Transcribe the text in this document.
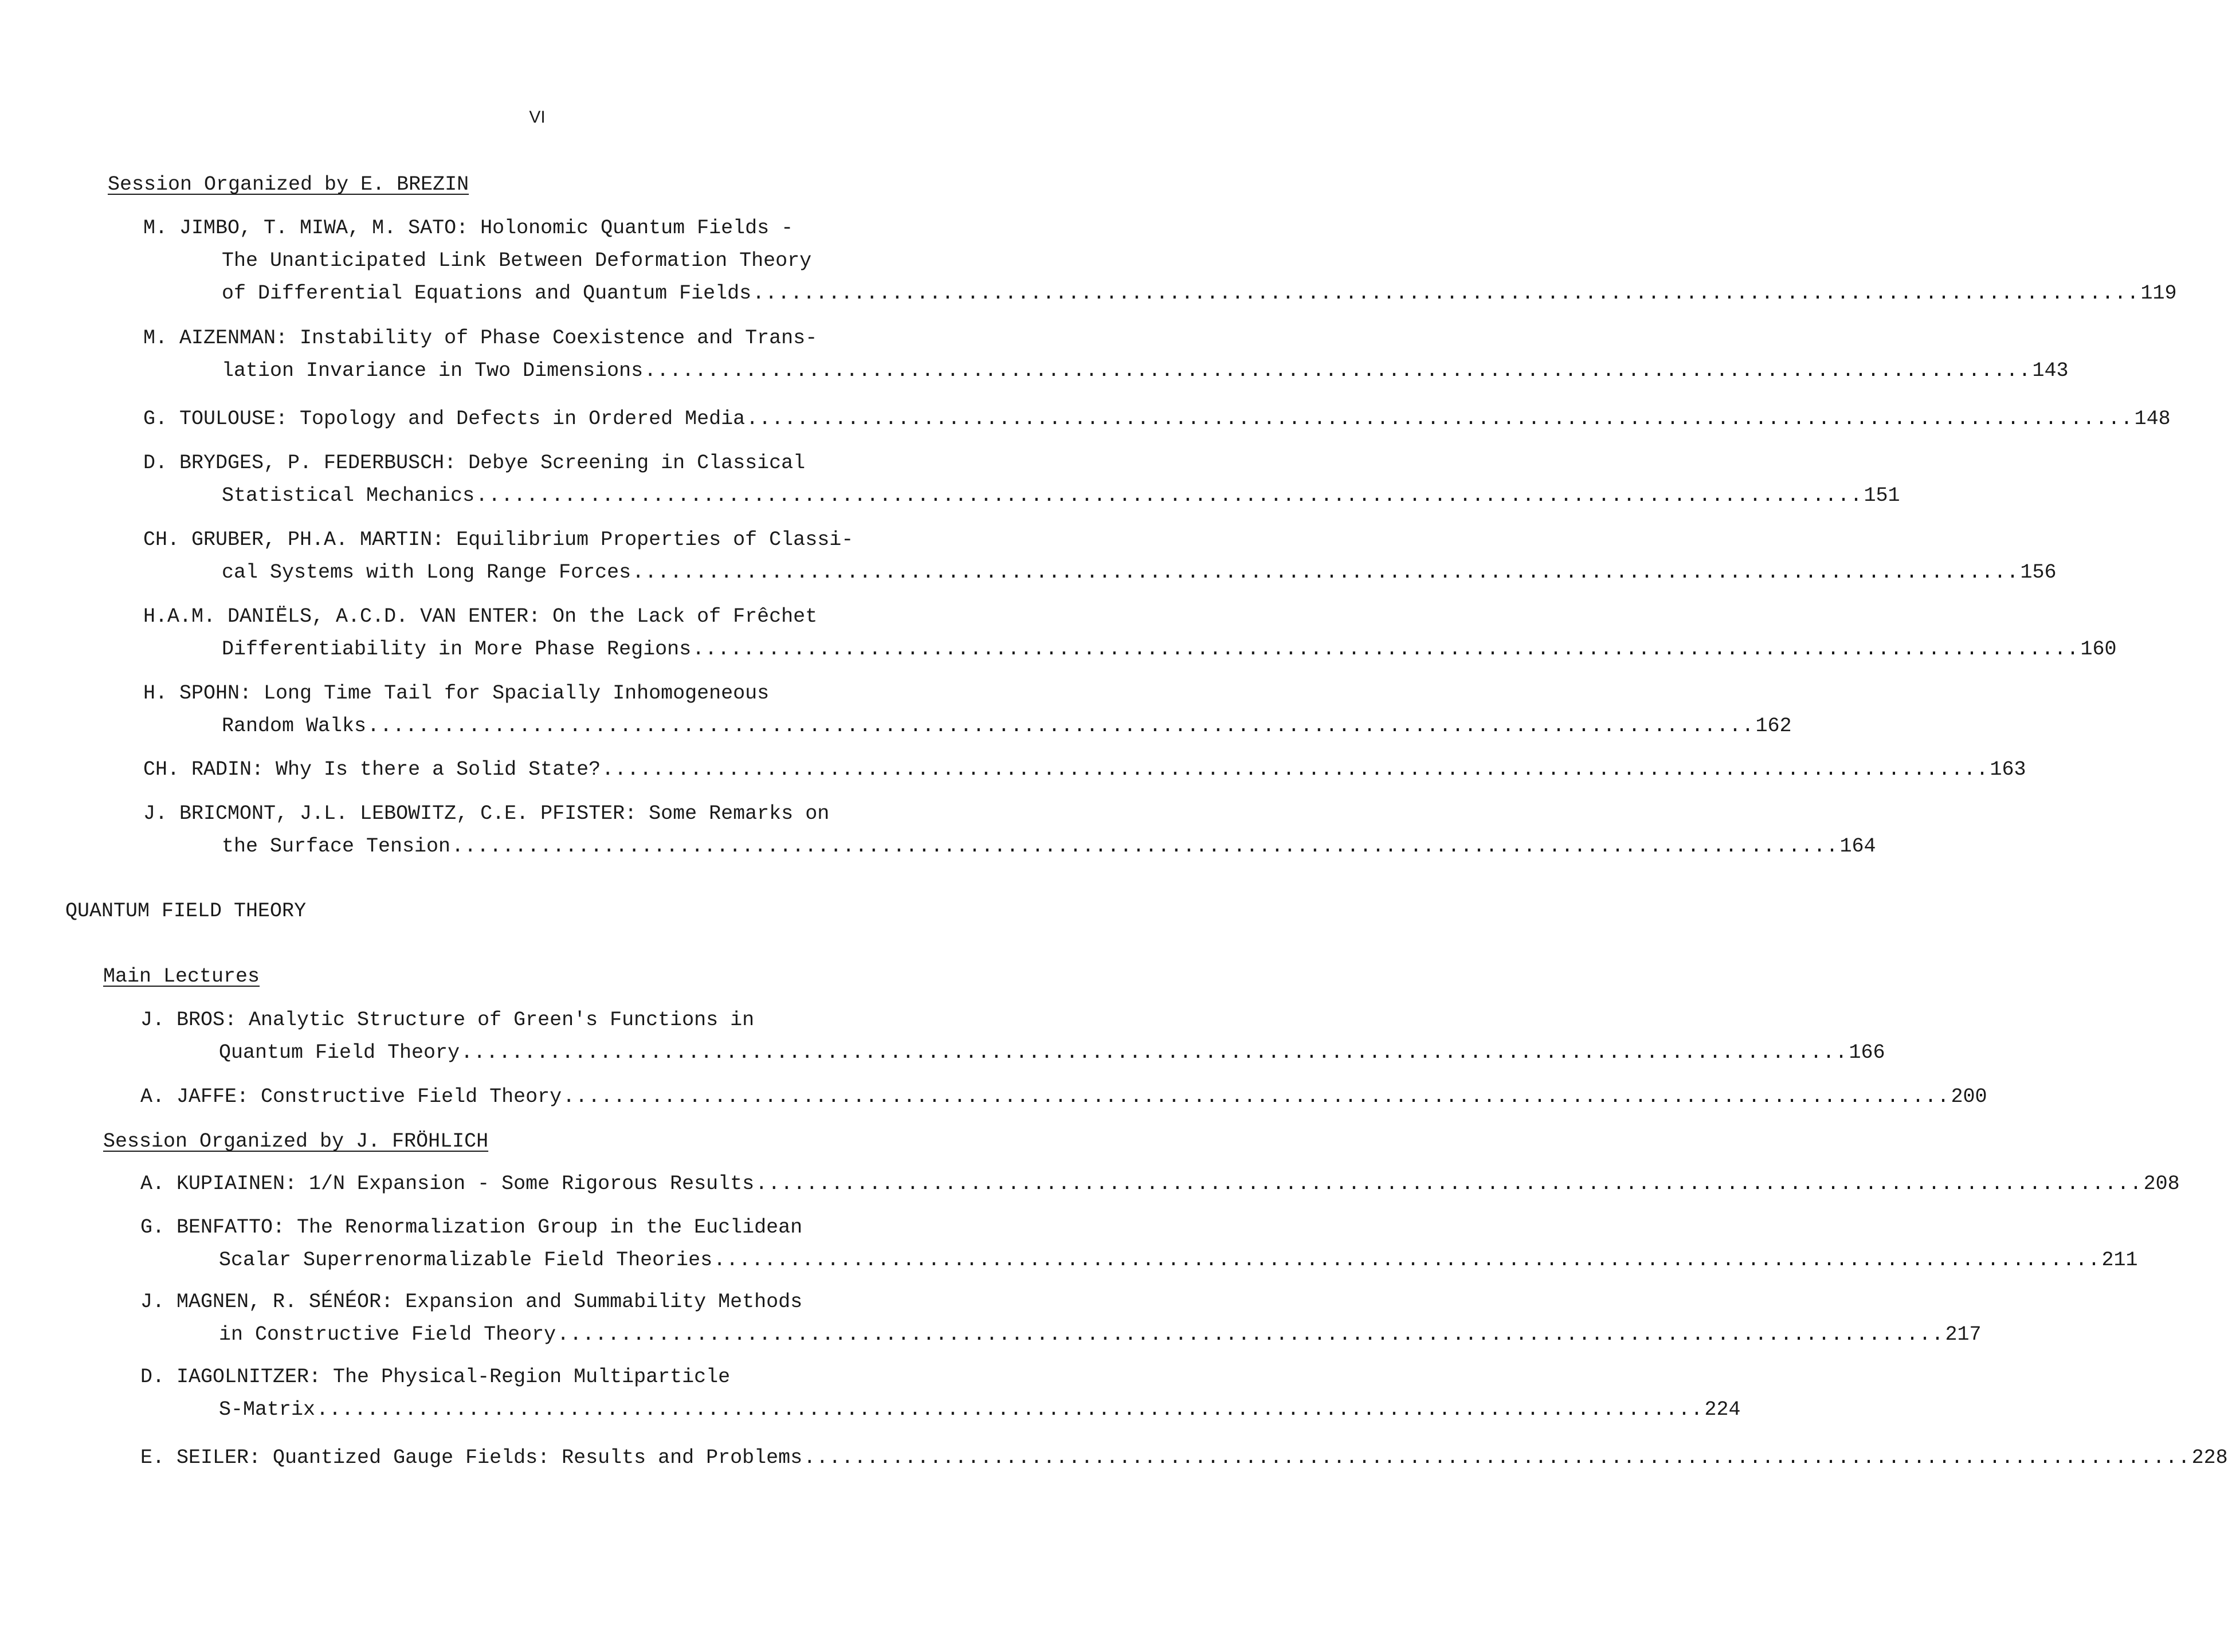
VI
Session Organized by E. BREZIN
QUANTUM FIELD THEORY
Main Lectures
Session Organized by J. FRÖHLICH
M. JIMBO, T. MIWA, M. SATO: Holonomic Quantum Fields -
The Unanticipated Link Between Deformation Theory
of Differential Equations and Quantum Fields .............................................................................................................. 119
M. AIZENMAN: Instability of Phase Coexistence and Trans-
lation Invariance in Two Dimensions .............................................................................................................. 143
G. TOULOUSE: Topology and Defects in Ordered Media .............................................................................................................. 148
D. BRYDGES, P. FEDERBUSCH: Debye Screening in Classical
Statistical Mechanics .............................................................................................................. 151
CH. GRUBER, PH.A. MARTIN: Equilibrium Properties of Classi-
cal Systems with Long Range Forces .............................................................................................................. 156
H.A.M. DANIËLS, A.C.D. VAN ENTER: On the Lack of Frêchet
Differentiability in More Phase Regions .............................................................................................................. 160
H. SPOHN: Long Time Tail for Spacially Inhomogeneous
Random Walks .............................................................................................................. 162
CH. RADIN: Why Is there a Solid State? .............................................................................................................. 163
J. BRICMONT, J.L. LEBOWITZ, C.E. PFISTER: Some Remarks on
the Surface Tension .............................................................................................................. 164
J. BROS: Analytic Structure of Green's Functions in
Quantum Field Theory .............................................................................................................. 166
A. JAFFE: Constructive Field Theory .............................................................................................................. 200
A. KUPIAINEN: 1/N Expansion - Some Rigorous Results .............................................................................................................. 208
G. BENFATTO: The Renormalization Group in the Euclidean
Scalar Superrenormalizable Field Theories .............................................................................................................. 211
J. MAGNEN, R. SÉNÉOR: Expansion and Summability Methods
in Constructive Field Theory .............................................................................................................. 217
D. IAGOLNITZER: The Physical-Region Multiparticle
S-Matrix .............................................................................................................. 224
E. SEILER: Quantized Gauge Fields: Results and Problems .............................................................................................................. 228
